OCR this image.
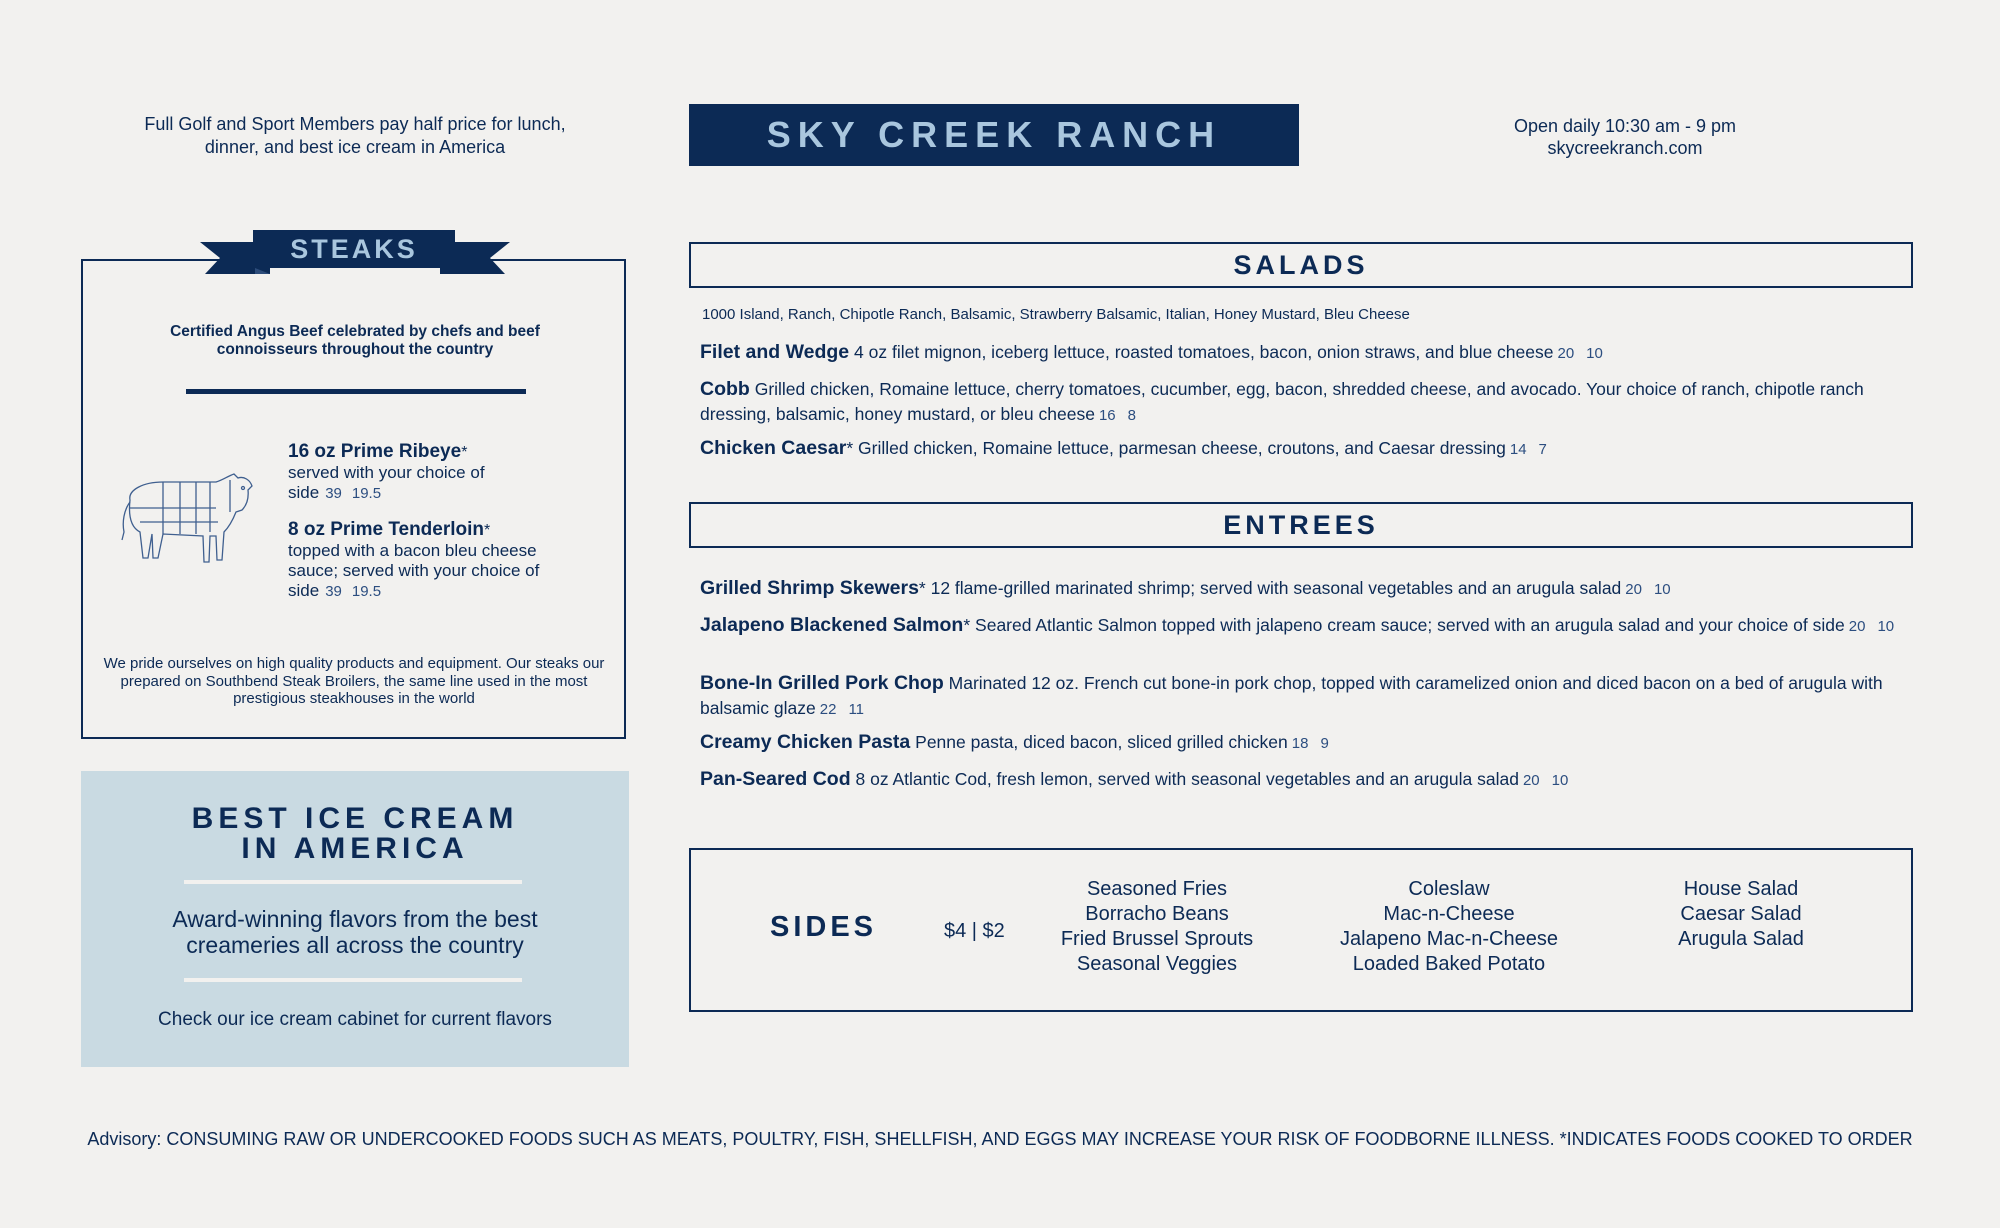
Full Golf and Sport Members pay half price for lunch, dinner, and best ice cream in America	SKY CREEK RANCH	Open daily 10:30 am - 9 pm
skycreekranch.com
STEAKS
Certified Angus Beef celebrated by chefs and beef connoisseurs throughout the country
16 oz Prime Ribeye*
served with your choice of side 39 19.5
8 oz Prime Tenderloin*
topped with a bacon bleu cheese sauce; served with your choice of side 39 19.5
We pride ourselves on high quality products and equipment. Our steaks our prepared on Southbend Steak Broilers, the same line used in the most prestigious steakhouses in the world
BEST ICE CREAM
IN AMERICA
Award-winning flavors from the best creameries all across the country
Check our ice cream cabinet for current flavors
SALADS
1000 Island, Ranch, Chipotle Ranch, Balsamic, Strawberry Balsamic, Italian, Honey Mustard, Bleu Cheese
Filet and Wedge 4 oz filet mignon, iceberg lettuce, roasted tomatoes, bacon, onion straws, and blue cheese 20 10
Cobb Grilled chicken, Romaine lettuce, cherry tomatoes, cucumber, egg, bacon, shredded cheese, and avocado. Your choice of ranch, chipotle ranch dressing, balsamic, honey mustard, or bleu cheese 16 8
Chicken Caesar* Grilled chicken, Romaine lettuce, parmesan cheese, croutons, and Caesar dressing 14 7
ENTREES
Grilled Shrimp Skewers* 12 flame-grilled marinated shrimp; served with seasonal vegetables and an arugula salad 20 10
Jalapeno Blackened Salmon* Seared Atlantic Salmon topped with jalapeno cream sauce; served with an arugula salad and your choice of side 20 10
Bone-In Grilled Pork Chop Marinated 12 oz. French cut bone-in pork chop, topped with caramelized onion and diced bacon on a bed of arugula with balsamic glaze 22 11
Creamy Chicken Pasta Penne pasta, diced bacon, sliced grilled chicken 18 9
Pan-Seared Cod 8 oz Atlantic Cod, fresh lemon, served with seasonal vegetables and an arugula salad 20 10
SIDES	$4 | $2
Seasoned Fries
Borracho Beans
Fried Brussel Sprouts
Seasonal Veggies
Coleslaw
Mac-n-Cheese
Jalapeno Mac-n-Cheese
Loaded Baked Potato
House Salad
Caesar Salad
Arugula Salad
Advisory: CONSUMING RAW OR UNDERCOOKED FOODS SUCH AS MEATS, POULTRY, FISH, SHELLFISH, AND EGGS MAY INCREASE YOUR RISK OF FOODBORNE ILLNESS. *INDICATES FOODS COOKED TO ORDER
